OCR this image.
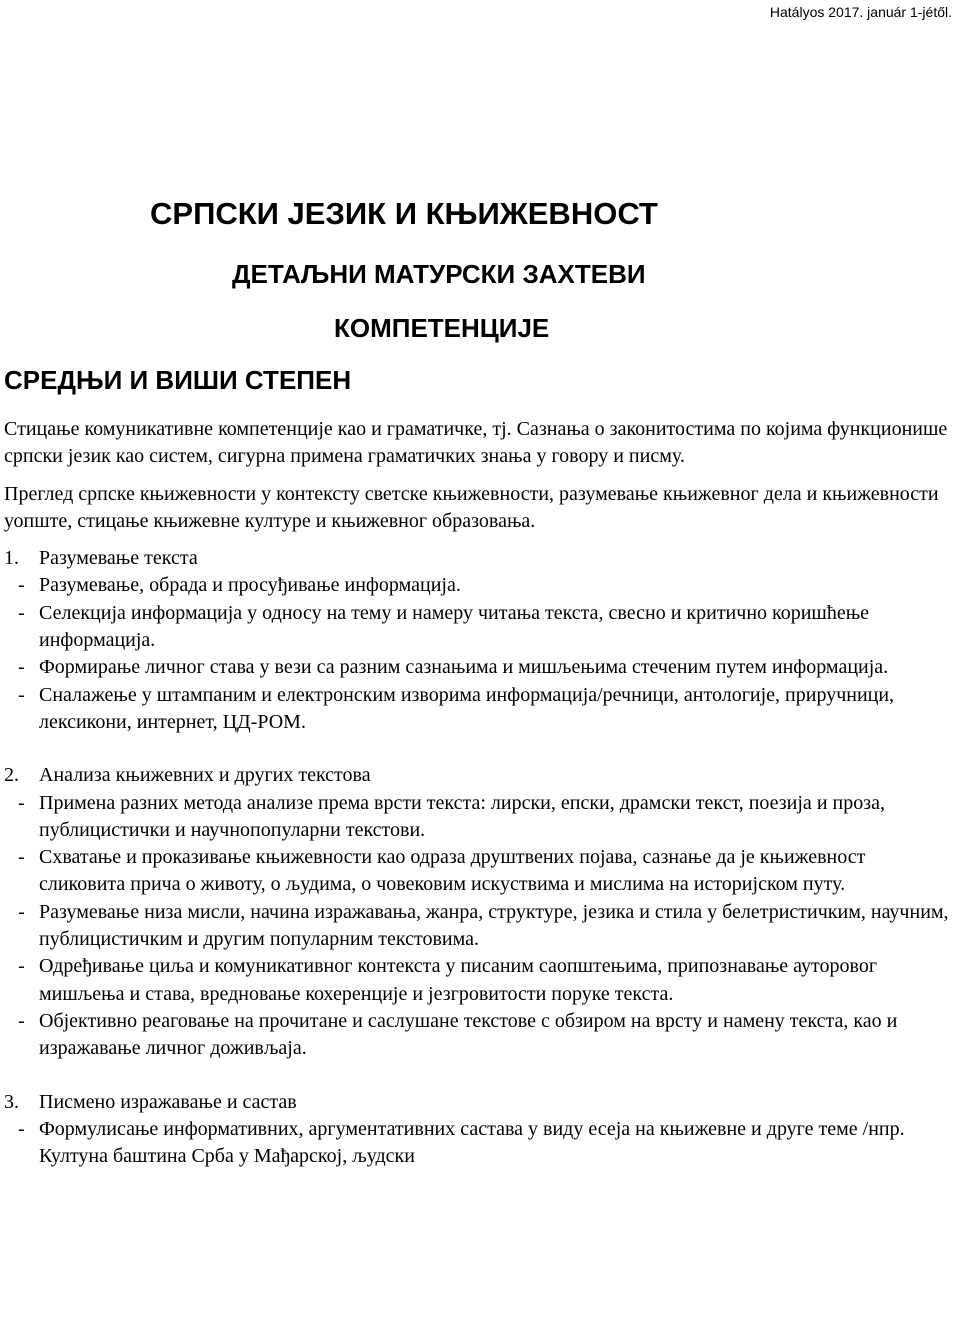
Hatályos 2017. január 1-jétől.
СРПСКИ ЈЕЗИК И КЊИЖЕВНОСТ
ДЕТАЉНИ МАТУРСКИ ЗАХТЕВИ
КОМПЕТЕНЦИЈЕ
СРЕДЊИ И ВИШИ СТЕПЕН

Стицање комуникативне компетенције као и граматичке, тј. Сазнања о законитостима по којима функционише српски језик као систем, сигурна примена граматичких знања у говору и писму.

Преглед српске књижевности у контексту светске књижевности, разумевање књижевног дела и књижевности уопште, стицање књижевне културе и књижевног образовања.

1.	Разумевање текста
- Разумевање, обрада и просуђивање информација.
- Селекција информација у односу на тему и намеру читања текста, свесно и критично коришћење информација.
- Формирање личног става у вези са разним сазнањима и мишљењима стеченим путем информација.
- Сналажење у штампаним и електронским изворима информација/речници, антологије, приручници, лексикони, интернет, ЦД-РОМ.
2.	Анализа књижевних и других текстова
- Примена разних метода анализе према врсти текста: лирски, епски, драмски текст, поезија и проза, публицистички и научнопопуларни текстови.
- Схватање и проказивање књижевности као одраза друштвених појава, сазнање да је књижевност сликовита прича о животу, о људима, о човековим искуствима и мислима на историјском путу.
- Разумевање низа мисли, начина изражавања, жанра, структуре, језика и стила у белетристичким, научним, публицистичким и другим популарним текстовима.
- Одређивање циља и комуникативног контекста у писаним саопштењима, припознавање ауторовог мишљења и става, вредновање кохеренције и језгровитости поруке текста.
- Објективно реаговање на прочитане и саслушане текстове с обзиром на врсту и намену текста, као и изражавање личног доживљаја.
3.	Писмено изражавање и састав
- Формулисање информативних, аргументативних састава у виду есеја на књижевне и друге теме /нпр. Култуна баштина Срба у Мађарској, људски
